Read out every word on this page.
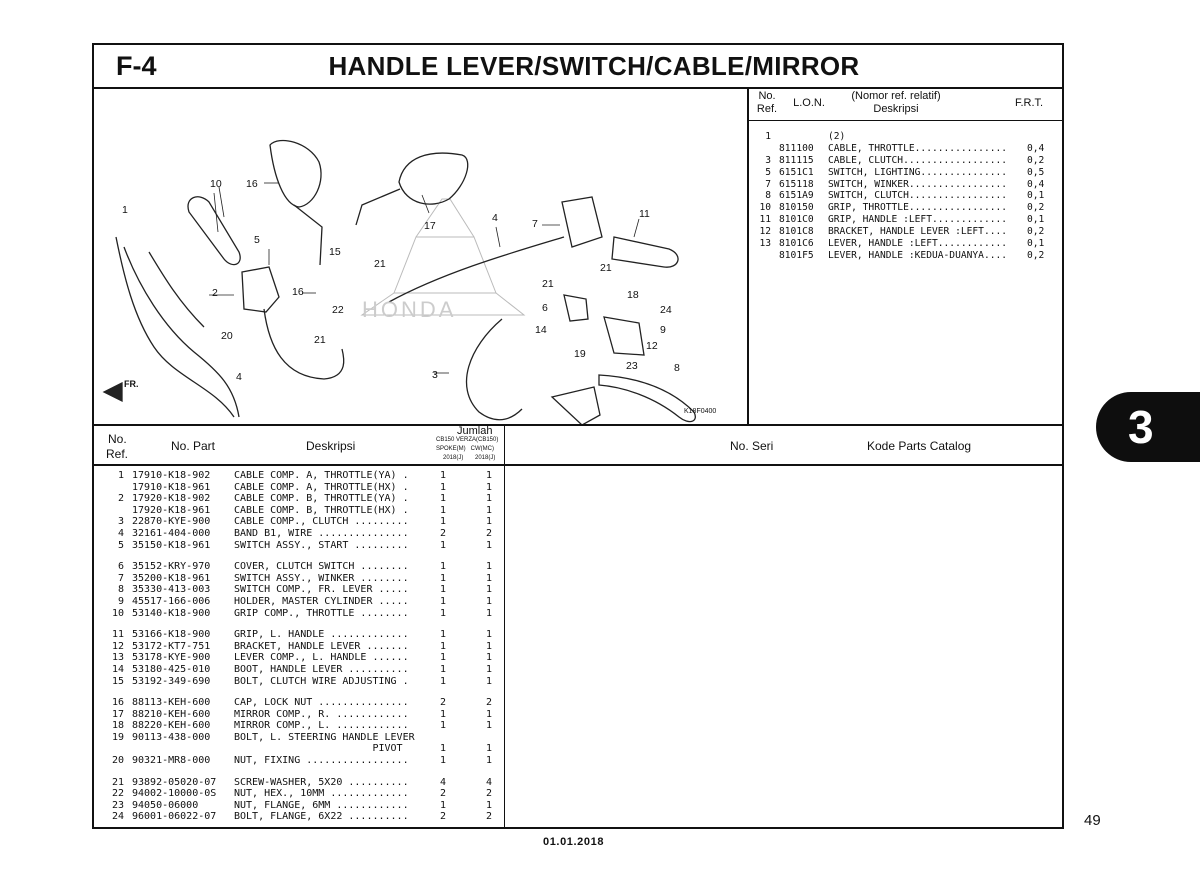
F-4	HANDLE LEVER/SWITCH/CABLE/MIRROR
1
2
3
4
4
5
6
7
8
9
10
11
12
14
15
16
16
17
18
19
20	21
21
21
21
22
23
24
HONDA
FR.
K18F0400
No.
Ref.	L.O.N.
(Nomor ref. relatif)
Deskripsi	F.R.T.
1	(2)
811100	CABLE, THROTTLE................	0,4
3 811115	CABLE, CLUTCH..................	0,2
5 6151C1	SWITCH, LIGHTING...............	0,5
7 615118	SWITCH, WINKER.................	0,4
8 6151A9	SWITCH, CLUTCH.................	0,1
10 810150	GRIP, THROTTLE.................	0,2
11 8101C0	GRIP, HANDLE :LEFT.............	0,1
12 8101C8	BRACKET, HANDLE LEVER :LEFT....	0,2
13 8101C6	LEVER, HANDLE :LEFT............	0,1
8101F5	LEVER, HANDLE :KEDUA-DUANYA....	0,2
No.
Ref.
No. Part	Deskripsi
Jumlah
CB150 VERZA(CB150)
SPOKE(M)   CW(MC)
2018(J)       2018(J)
No. Seri	Kode Parts Catalog
1 17910-K18-902	CABLE COMP. A, THROTTLE(YA) .	1	1
17910-K18-961	CABLE COMP. A, THROTTLE(HX) .	1	1
2 17920-K18-902	CABLE COMP. B, THROTTLE(YA) .	1	1
17920-K18-961	CABLE COMP. B, THROTTLE(HX) .	1	1
3 22870-KYE-900	CABLE COMP., CLUTCH .........	1	1
4 32161-404-000	BAND B1, WIRE ...............	2	2
5 35150-K18-961	SWITCH ASSY., START .........	1	1
6 35152-KRY-970	COVER, CLUTCH SWITCH ........	1	1
7 35200-K18-961	SWITCH ASSY., WINKER ........	1	1
8 35330-413-003	SWITCH COMP., FR. LEVER .....	1	1
9 45517-166-006	HOLDER, MASTER CYLINDER .....	1	1
10 53140-K18-900	GRIP COMP., THROTTLE ........	1	1
11 53166-K18-900	GRIP, L. HANDLE .............	1	1
12 53172-KT7-751	BRACKET, HANDLE LEVER .......	1	1
13 53178-KYE-900	LEVER COMP., L. HANDLE ......	1	1
14 53180-425-010	BOOT, HANDLE LEVER ..........	1	1
15 53192-349-690	BOLT, CLUTCH WIRE ADJUSTING .	1	1
16 88113-KEH-600	CAP, LOCK NUT ...............	2	2
17 88210-KEH-600	MIRROR COMP., R. ............	1	1
18 88220-KEH-600	MIRROR COMP., L. ............	1	1
19 90113-438-000	BOLT, L. STEERING HANDLE LEVER
PIVOT	1	1
20 90321-MR8-000	NUT, FIXING .................	1	1
21 93892-05020-07	SCREW-WASHER, 5X20 ..........	4	4
22 94002-10000-0S	NUT, HEX., 10MM .............	2	2
23 94050-06000	NUT, FLANGE, 6MM ............	1	1
24 96001-06022-07	BOLT, FLANGE, 6X22 ..........	2	2
3
49
01.01.2018
